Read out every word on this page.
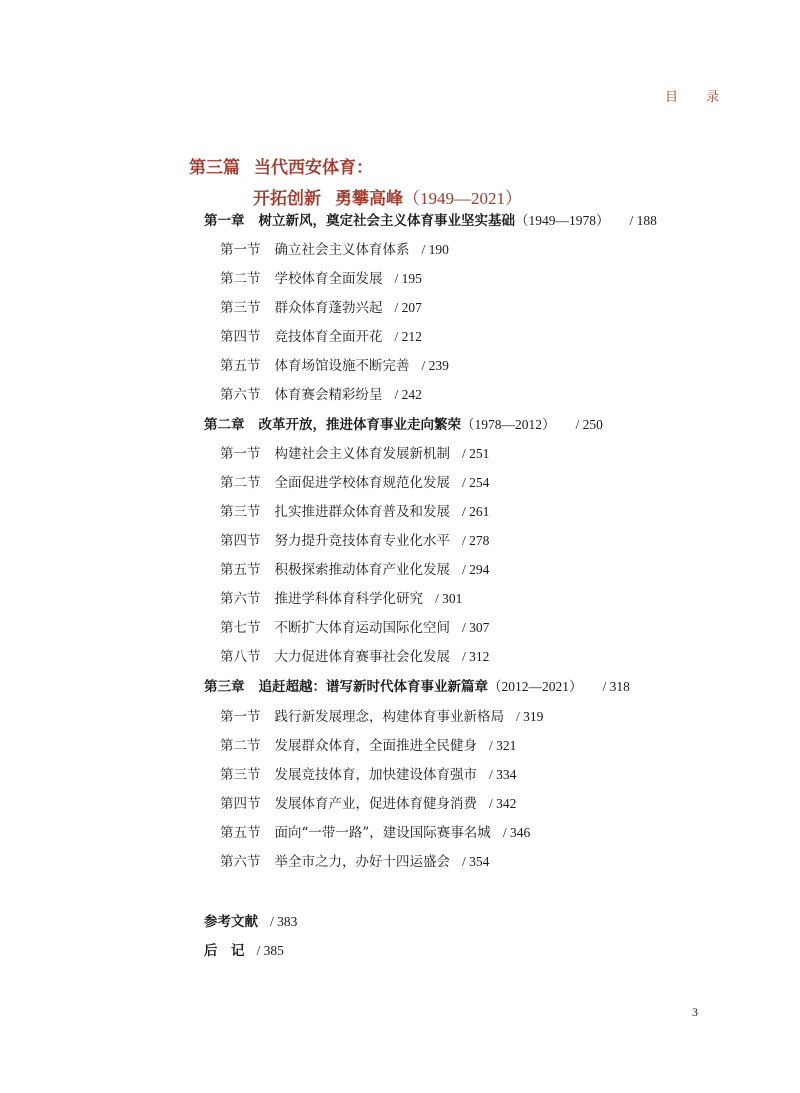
目 录
第三篇 当代西安体育：
开拓创新 勇攀高峰（1949—2021）
第一章 树立新风，奠定社会主义体育事业坚实基础（1949—1978） / 188
第一节 确立社会主义体育体系 / 190
第二节 学校体育全面发展 / 195
第三节 群众体育蓬勃兴起 / 207
第四节 竞技体育全面开花 / 212
第五节 体育场馆设施不断完善 / 239
第六节 体育赛会精彩纷呈 / 242
第二章 改革开放，推进体育事业走向繁荣（1978—2012） / 250
第一节 构建社会主义体育发展新机制 / 251
第二节 全面促进学校体育规范化发展 / 254
第三节 扎实推进群众体育普及和发展 / 261
第四节 努力提升竞技体育专业化水平 / 278
第五节 积极探索推动体育产业化发展 / 294
第六节 推进学科体育科学化研究 / 301
第七节 不断扩大体育运动国际化空间 / 307
第八节 大力促进体育赛事社会化发展 / 312
第三章 追赶超越：谱写新时代体育事业新篇章（2012—2021） / 318
第一节 践行新发展理念，构建体育事业新格局 / 319
第二节 发展群众体育，全面推进全民健身 / 321
第三节 发展竞技体育，加快建设体育强市 / 334
第四节 发展体育产业，促进体育健身消费 / 342
第五节 面向“一带一路”，建设国际赛事名城 / 346
第六节 举全市之力，办好十四运盛会 / 354
参考文献 / 383
后　记 / 385
3
